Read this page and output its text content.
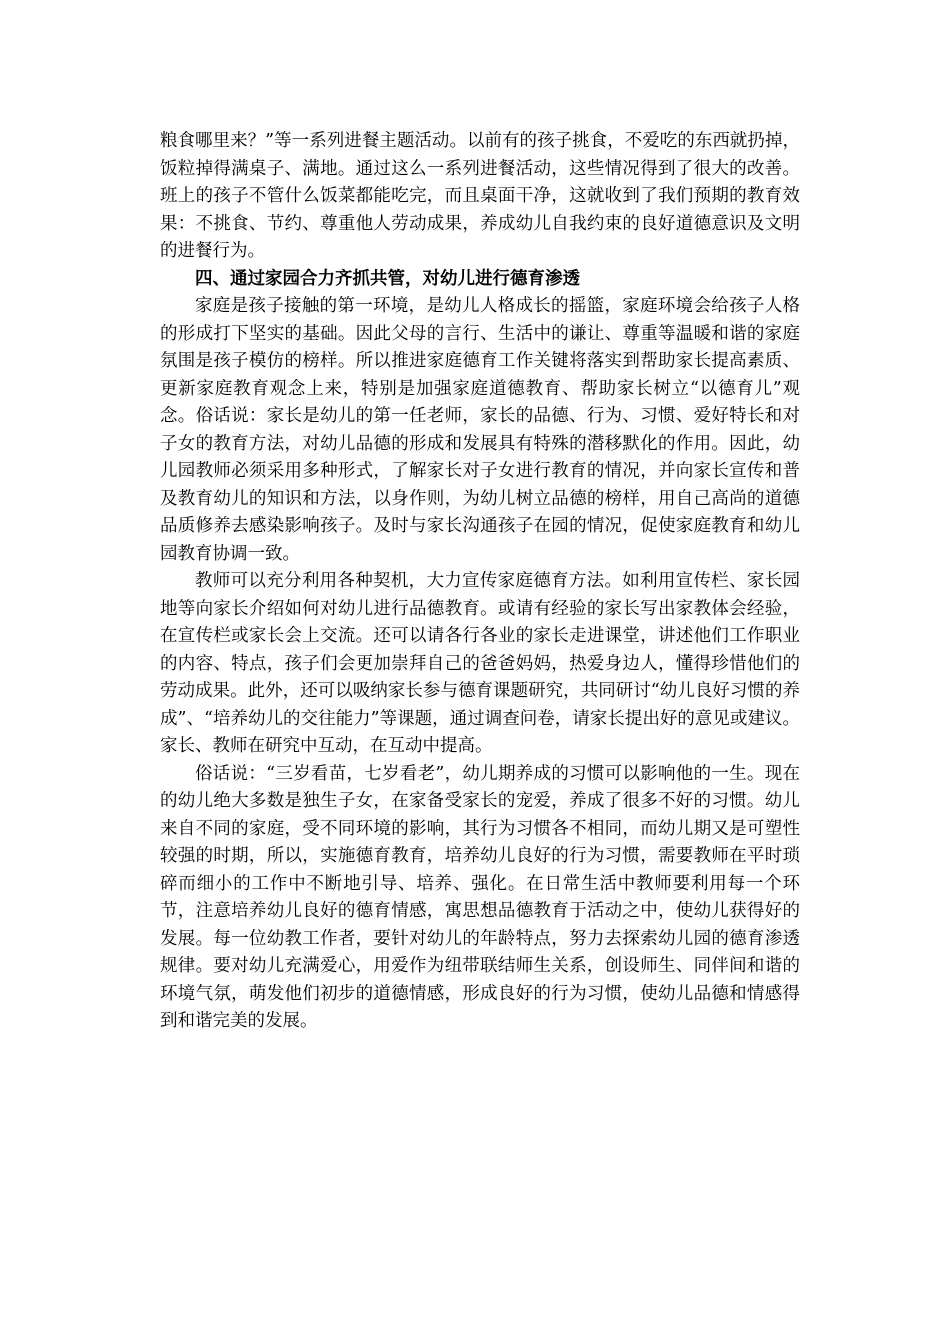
粮食哪里来？”等一系列进餐主题活动。以前有的孩子挑食，不爱吃的东西就扔掉，饭粒掉得满桌子、满地。通过这么一系列进餐活动，这些情况得到了很大的改善。班上的孩子不管什么饭菜都能吃完，而且桌面干净，这就收到了我们预期的教育效果：不挑食、节约、尊重他人劳动成果，养成幼儿自我约束的良好道德意识及文明的进餐行为。

四、通过家园合力齐抓共管，对幼儿进行德育渗透

家庭是孩子接触的第一环境，是幼儿人格成长的摇篮，家庭环境会给孩子人格的形成打下坚实的基础。因此父母的言行、生活中的谦让、尊重等温暖和谐的家庭氛围是孩子模仿的榜样。所以推进家庭德育工作关键将落实到帮助家长提高素质、更新家庭教育观念上来，特别是加强家庭道德教育、帮助家长树立“以德育儿”观念。俗话说：家长是幼儿的第一任老师，家长的品德、行为、习惯、爱好特长和对子女的教育方法，对幼儿品德的形成和发展具有特殊的潜移默化的作用。因此，幼儿园教师必须采用多种形式，了解家长对子女进行教育的情况，并向家长宣传和普及教育幼儿的知识和方法，以身作则，为幼儿树立品德的榜样，用自己高尚的道德品质修养去感染影响孩子。及时与家长沟通孩子在园的情况，促使家庭教育和幼儿园教育协调一致。

教师可以充分利用各种契机，大力宣传家庭德育方法。如利用宣传栏、家长园地等向家长介绍如何对幼儿进行品德教育。或请有经验的家长写出家教体会经验，在宣传栏或家长会上交流。还可以请各行各业的家长走进课堂，讲述他们工作职业的内容、特点，孩子们会更加崇拜自己的爸爸妈妈，热爱身边人，懂得珍惜他们的劳动成果。此外，还可以吸纳家长参与德育课题研究，共同研讨“幼儿良好习惯的养成”、“培养幼儿的交往能力”等课题，通过调查问卷，请家长提出好的意见或建议。家长、教师在研究中互动，在互动中提高。

俗话说：“三岁看苗，七岁看老”，幼儿期养成的习惯可以影响他的一生。现在的幼儿绝大多数是独生子女，在家备受家长的宠爱，养成了很多不好的习惯。幼儿来自不同的家庭，受不同环境的影响，其行为习惯各不相同，而幼儿期又是可塑性较强的时期，所以，实施德育教育，培养幼儿良好的行为习惯，需要教师在平时琐碎而细小的工作中不断地引导、培养、强化。在日常生活中教师要利用每一个环节，注意培养幼儿良好的德育情感，寓思想品德教育于活动之中，使幼儿获得好的发展。每一位幼教工作者，要针对幼儿的年龄特点，努力去探索幼儿园的德育渗透规律。要对幼儿充满爱心，用爱作为纽带联结师生关系，创设师生、同伴间和谐的环境气氛，萌发他们初步的道德情感，形成良好的行为习惯，使幼儿品德和情感得到和谐完美的发展。
